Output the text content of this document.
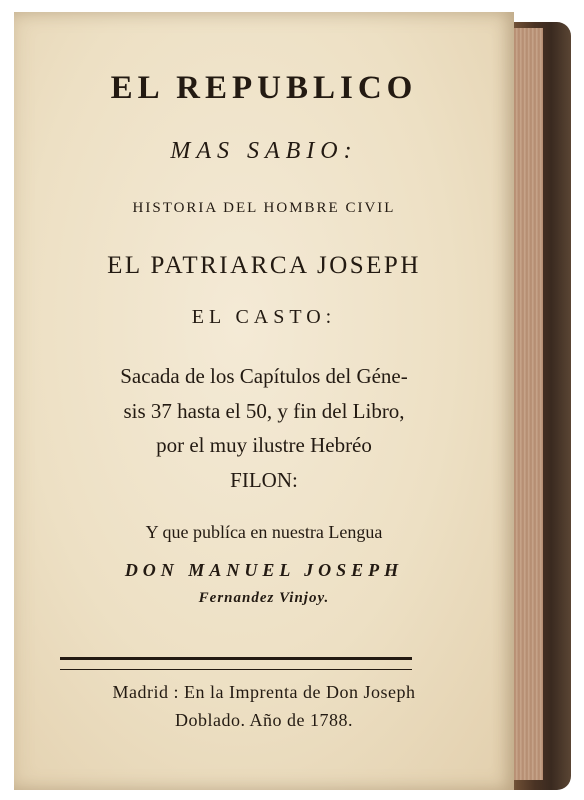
EL REPUBLICO
MAS SABIO:
HISTORIA DEL HOMBRE CIVIL
EL PATRIARCA JOSEPH
EL CASTO:
Sacada de los Capítulos del Géne-
sis 37 hasta el 50, y fin del Libro,
por el muy ilustre Hebréo
FILON:
Y que publíca en nuestra Lengua
DON MANUEL JOSEPH
Fernandez Vinjoy.
Madrid : En la Imprenta de Don Joseph
Doblado. Año de 1788.
